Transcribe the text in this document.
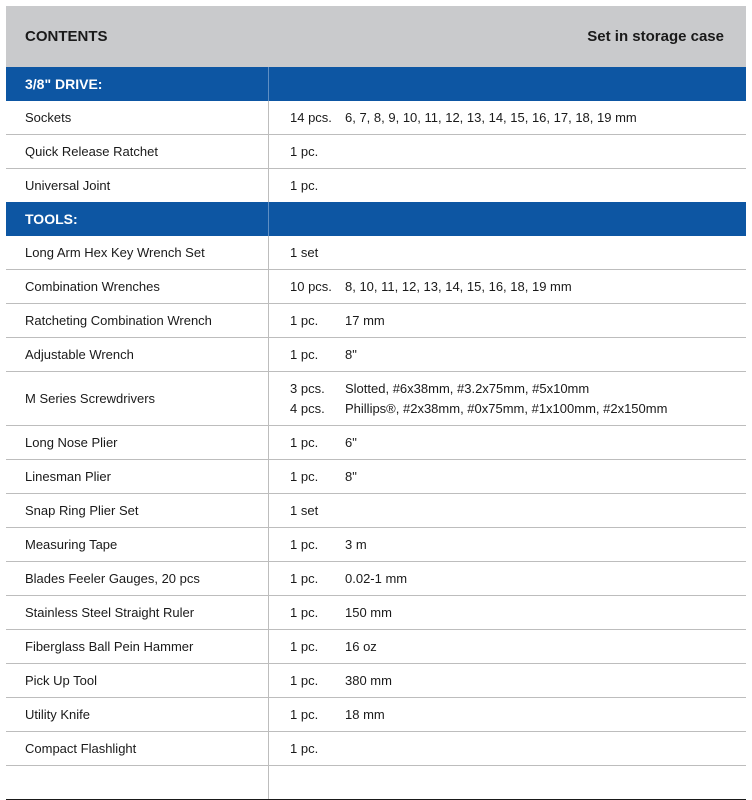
CONTENTS	Set in storage case
3/8" DRIVE:
Sockets	14 pcs.	6, 7, 8, 9, 10, 11, 12, 13, 14, 15, 16, 17, 18, 19 mm
Quick Release Ratchet	1 pc.
Universal Joint	1 pc.
TOOLS:
Long Arm Hex Key Wrench Set	1 set
Combination Wrenches	10 pcs.	8, 10, 11, 12, 13, 14, 15, 16, 18, 19 mm
Ratcheting Combination Wrench	1 pc.	17 mm
Adjustable Wrench	1 pc.	8"
M Series Screwdrivers
3 pcs.	Slotted, #6x38mm, #3.2x75mm, #5x10mm
4 pcs.	Phillips®, #2x38mm, #0x75mm, #1x100mm, #2x150mm
Long Nose Plier	1 pc.	6"
Linesman Plier	1 pc.	8"
Snap Ring Plier Set	1 set
Measuring Tape	1 pc.	3 m
Blades Feeler Gauges, 20 pcs	1 pc.	0.02-1 mm
Stainless Steel Straight Ruler	1 pc.	150 mm
Fiberglass Ball Pein Hammer	1 pc.	16 oz
Pick Up Tool	1 pc.	380 mm
Utility Knife	1 pc.	18 mm
Compact Flashlight	1 pc.
